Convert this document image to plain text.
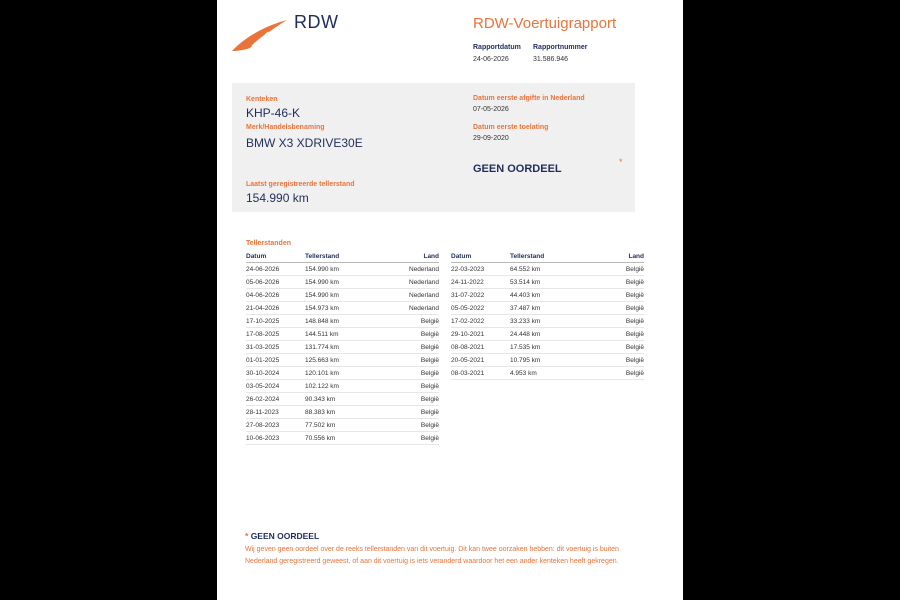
RDW	RDW-Voertuigrapport
Rapportdatum Rapportnummer
24-06-2026	31.586.946
Kenteken
KHP-46-K
Merk/Handelsbenaming
BMW X3 XDRIVE30E
Laatst geregistreerde tellerstand
154.990 km
Datum eerste afgifte in Nederland
07-05-2026
Datum eerste toelating
29-09-2020
GEEN OORDEEL
*
Tellerstanden
Datum	Tellerstand	Land
24-06-2026	154.990 km	Nederland
05-06-2026	154.990 km	Nederland
04-06-2026	154.990 km	Nederland
21-04-2026	154.973 km	Nederland
17-10-2025	148.848 km	België
17-08-2025	144.511 km	België
31-03-2025	131.774 km	België
01-01-2025	125.663 km	België
30-10-2024	120.101 km	België
03-05-2024	102.122 km	België
26-02-2024	90.343 km	België
28-11-2023	88.383 km	België
27-08-2023	77.502 km	België
10-06-2023	70.556 km	België
Datum	Tellerstand	Land
22-03-2023	64.552 km	België
24-11-2022	53.514 km	België
31-07-2022	44.403 km	België
05-05-2022	37.487 km	België
17-02-2022	33.233 km	België
29-10-2021	24.448 km	België
08-08-2021	17.535 km	België
20-05-2021	10.795 km	België
08-03-2021	4.953 km	België
* GEEN OORDEEL
Wij geven geen oordeel over de reeks tellerstanden van dit voertuig. Dit kan twee oorzaken hebben: dit voertuig is buiten Nederland geregistreerd geweest, of aan dit voertuig is iets veranderd waardoor het een ander kenteken heeft gekregen.
